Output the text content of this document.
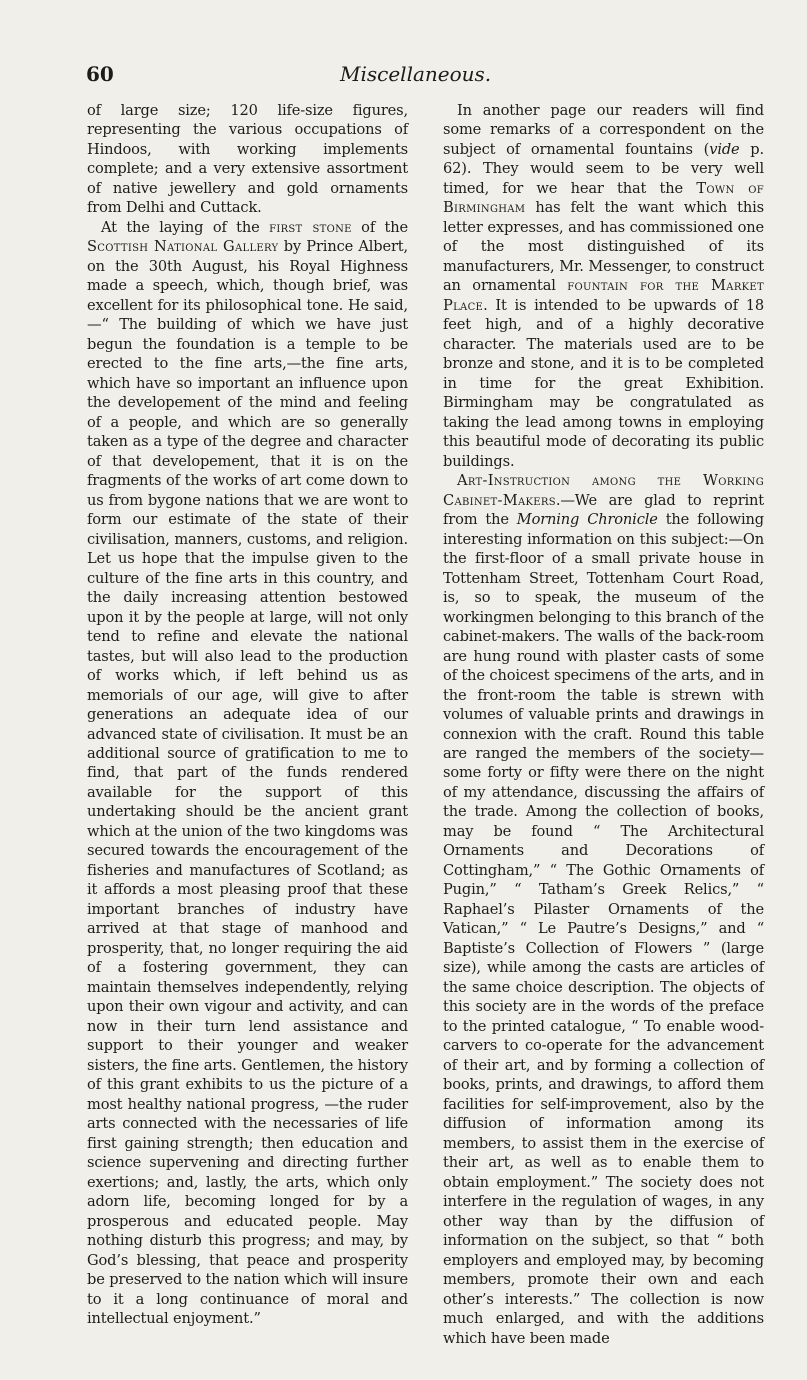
60	Miscellaneous.

of large size; 120 life-size figures, representing the various occupations of Hindoos, with working implements complete; and a very extensive assortment of native jewellery and gold ornaments from Delhi and Cuttack.

At the laying of the first stone of the Scottish National Gallery by Prince Albert, on the 30th August, his Royal Highness made a speech, which, though brief, was excellent for its philosophical tone. He said,—“ The building of which we have just begun the foundation is a temple to be erected to the fine arts,—the fine arts, which have so important an influence upon the developement of the mind and feeling of a people, and which are so generally taken as a type of the degree and character of that developement, that it is on the fragments of the works of art come down to us from bygone nations that we are wont to form our estimate of the state of their civilisation, manners, customs, and religion. Let us hope that the impulse given to the culture of the fine arts in this country, and the daily increasing attention bestowed upon it by the people at large, will not only tend to refine and elevate the national tastes, but will also lead to the production of works which, if left behind us as memorials of our age, will give to after generations an adequate idea of our advanced state of civilisation. It must be an additional source of gratification to me to find, that part of the funds rendered available for the support of this undertaking should be the ancient grant which at the union of the two kingdoms was secured towards the encouragement of the fisheries and manufactures of Scotland; as it affords a most pleasing proof that these important branches of industry have arrived at that stage of manhood and prosperity, that, no longer requiring the aid of a fostering government, they can maintain themselves independently, relying upon their own vigour and activity, and can now in their turn lend assistance and support to their younger and weaker sisters, the fine arts. Gentlemen, the history of this grant exhibits to us the picture of a most healthy national progress, —the ruder arts connected with the necessaries of life first gaining strength; then education and science supervening and directing further exertions; and, lastly, the arts, which only adorn life, becoming longed for by a prosperous and educated people. May nothing disturb this progress; and may, by God’s blessing, that peace and prosperity be preserved to the nation which will insure to it a long continuance of moral and intellectual enjoyment.”

In another page our readers will find some remarks of a correspondent on the subject of ornamental fountains (vide p. 62). They would seem to be very well timed, for we hear that the Town of Birmingham has felt the want which this letter expresses, and has commissioned one of the most distinguished of its manufacturers, Mr. Messenger, to construct an ornamental fountain for the Market Place. It is intended to be upwards of 18 feet high, and of a highly decorative character. The materials used are to be bronze and stone, and it is to be completed in time for the great Exhibition. Birmingham may be congratulated as taking the lead among towns in employing this beautiful mode of decorating its public buildings.

Art-Instruction among the Working Cabinet-Makers.—We are glad to reprint from the Morning Chronicle the following interesting information on this subject:—On the first-floor of a small private house in Tottenham Street, Tottenham Court Road, is, so to speak, the museum of the workingmen belonging to this branch of the cabinet-makers. The walls of the back-room are hung round with plaster casts of some of the choicest specimens of the arts, and in the front-room the table is strewn with volumes of valuable prints and drawings in connexion with the craft. Round this table are ranged the members of the society—some forty or fifty were there on the night of my attendance, discussing the affairs of the trade. Among the collection of books, may be found “ The Architectural Ornaments and Decorations of Cottingham,” “ The Gothic Ornaments of Pugin,” “ Tatham’s Greek Relics,” “ Raphael’s Pilaster Ornaments of the Vatican,” “ Le Pautre’s Designs,” and “ Baptiste’s Collection of Flowers ” (large size), while among the casts are articles of the same choice description. The objects of this society are in the words of the preface to the printed catalogue, “ To enable wood-carvers to co-operate for the advancement of their art, and by forming a collection of books, prints, and drawings, to afford them facilities for self-improvement, also by the diffusion of information among its members, to assist them in the exercise of their art, as well as to enable them to obtain employment.” The society does not interfere in the regulation of wages, in any other way than by the diffusion of information on the subject, so that “ both employers and employed may, by becoming members, promote their own and each other’s interests.” The collection is now much enlarged, and with the additions which have been made
